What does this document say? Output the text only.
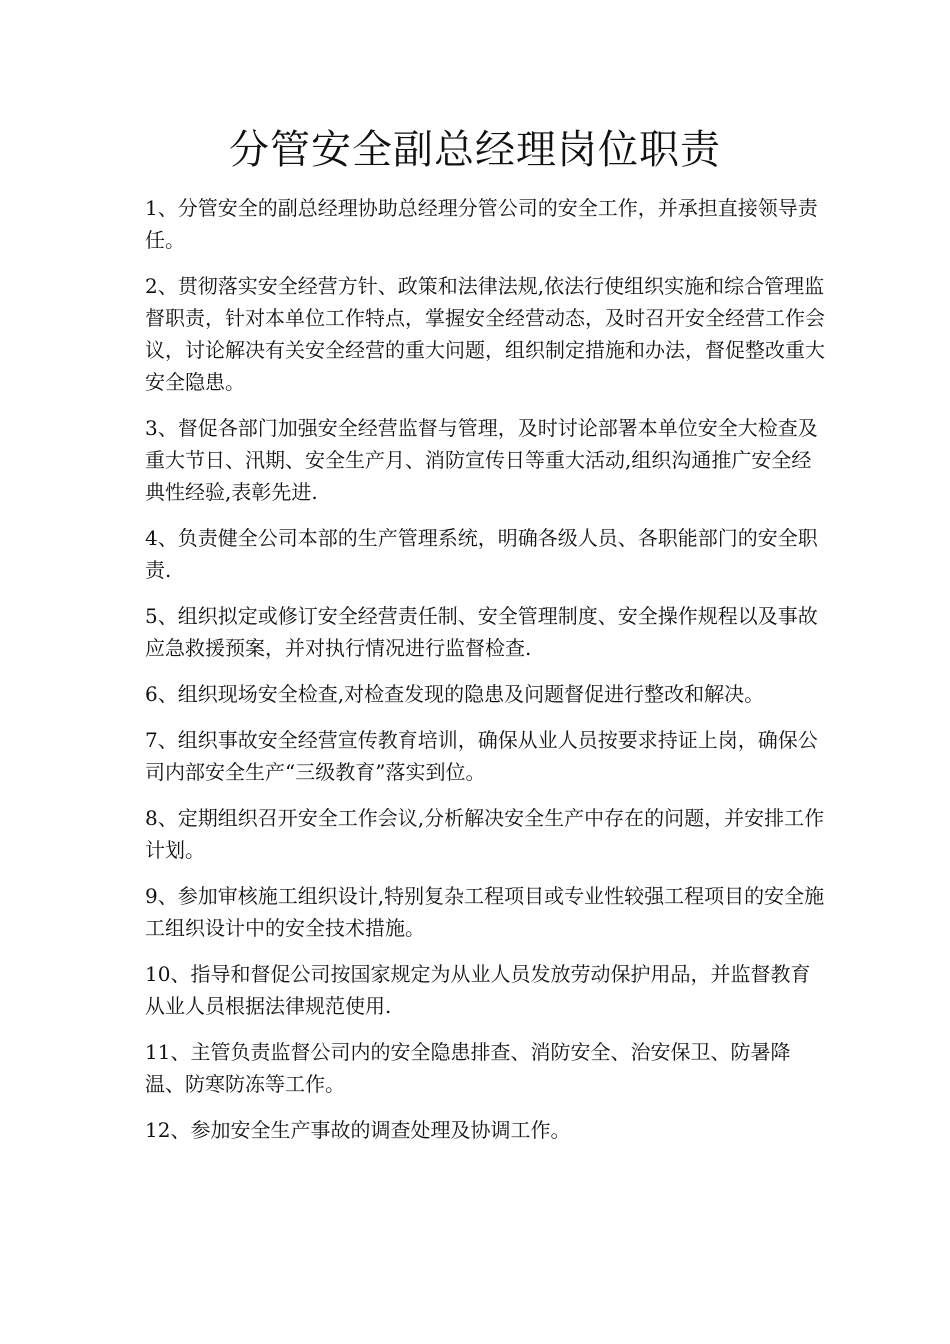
分管安全副总经理岗位职责

1、分管安全的副总经理协助总经理分管公司的安全工作，并承担直接领导责任。

2、贯彻落实安全经营方针、政策和法律法规,依法行使组织实施和综合管理监督职责，针对本单位工作特点，掌握安全经营动态，及时召开安全经营工作会议，讨论解决有关安全经营的重大问题，组织制定措施和办法，督促整改重大安全隐患。

3、督促各部门加强安全经营监督与管理，及时讨论部署本单位安全大检查及重大节日、汛期、安全生产月、消防宣传日等重大活动,组织沟通推广安全经典性经验,表彰先进.

4、负责健全公司本部的生产管理系统，明确各级人员、各职能部门的安全职责.

5、组织拟定或修订安全经营责任制、安全管理制度、安全操作规程以及事故应急救援预案，并对执行情况进行监督检查.

6、组织现场安全检查,对检查发现的隐患及问题督促进行整改和解决。

7、组织事故安全经营宣传教育培训，确保从业人员按要求持证上岗，确保公司内部安全生产“三级教育”落实到位。

8、定期组织召开安全工作会议,分析解决安全生产中存在的问题，并安排工作计划。

9、参加审核施工组织设计,特别复杂工程项目或专业性较强工程项目的安全施工组织设计中的安全技术措施。

10、指导和督促公司按国家规定为从业人员发放劳动保护用品，并监督教育从业人员根据法律规范使用.

11、主管负责监督公司内的安全隐患排查、消防安全、治安保卫、防暑降温、防寒防冻等工作。

12、参加安全生产事故的调查处理及协调工作。
